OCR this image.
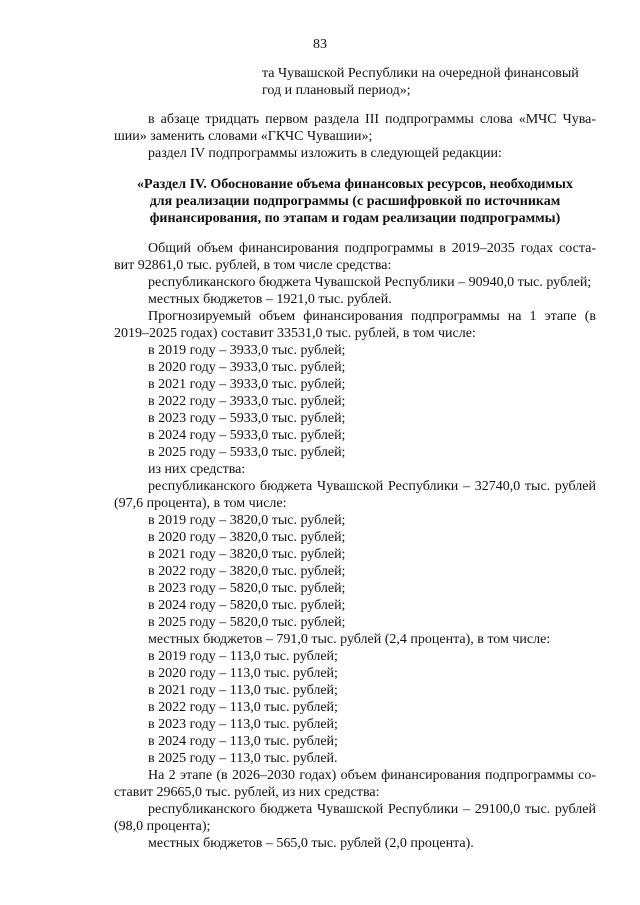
83
та Чувашской Республики на очередной финансовый
год и плановый период»;
в абзаце тридцать первом раздела III подпрограммы слова «МЧС Чува-
шии» заменить словами «ГКЧС Чувашии»;
раздел IV подпрограммы изложить в следующей редакции:
«Раздел IV. Обоснование объема финансовых ресурсов, необходимых
для реализации подпрограммы (с расшифровкой по источникам
финансирования, по этапам и годам реализации подпрограммы)
Общий объем финансирования подпрограммы в 2019–2035 годах соста-
вит 92861,0 тыс. рублей, в том числе средства:
республиканского бюджета Чувашской Республики – 90940,0 тыс. рублей;
местных бюджетов – 1921,0 тыс. рублей.
Прогнозируемый объем финансирования подпрограммы на 1 этапе (в
2019–2025 годах) составит 33531,0 тыс. рублей, в том числе:
в 2019 году – 3933,0 тыс. рублей;
в 2020 году – 3933,0 тыс. рублей;
в 2021 году – 3933,0 тыс. рублей;
в 2022 году – 3933,0 тыс. рублей;
в 2023 году – 5933,0 тыс. рублей;
в 2024 году – 5933,0 тыс. рублей;
в 2025 году – 5933,0 тыс. рублей;
из них средства:
республиканского бюджета Чувашской Республики – 32740,0 тыс. рублей
(97,6 процента), в том числе:
в 2019 году – 3820,0 тыс. рублей;
в 2020 году – 3820,0 тыс. рублей;
в 2021 году – 3820,0 тыс. рублей;
в 2022 году – 3820,0 тыс. рублей;
в 2023 году – 5820,0 тыс. рублей;
в 2024 году – 5820,0 тыс. рублей;
в 2025 году – 5820,0 тыс. рублей;
местных бюджетов – 791,0 тыс. рублей (2,4 процента), в том числе:
в 2019 году – 113,0 тыс. рублей;
в 2020 году – 113,0 тыс. рублей;
в 2021 году – 113,0 тыс. рублей;
в 2022 году – 113,0 тыс. рублей;
в 2023 году – 113,0 тыс. рублей;
в 2024 году – 113,0 тыс. рублей;
в 2025 году – 113,0 тыс. рублей.
На 2 этапе (в 2026–2030 годах) объем финансирования подпрограммы со-
ставит 29665,0 тыс. рублей, из них средства:
республиканского бюджета Чувашской Республики – 29100,0 тыс. рублей
(98,0 процента);
местных бюджетов – 565,0 тыс. рублей (2,0 процента).
